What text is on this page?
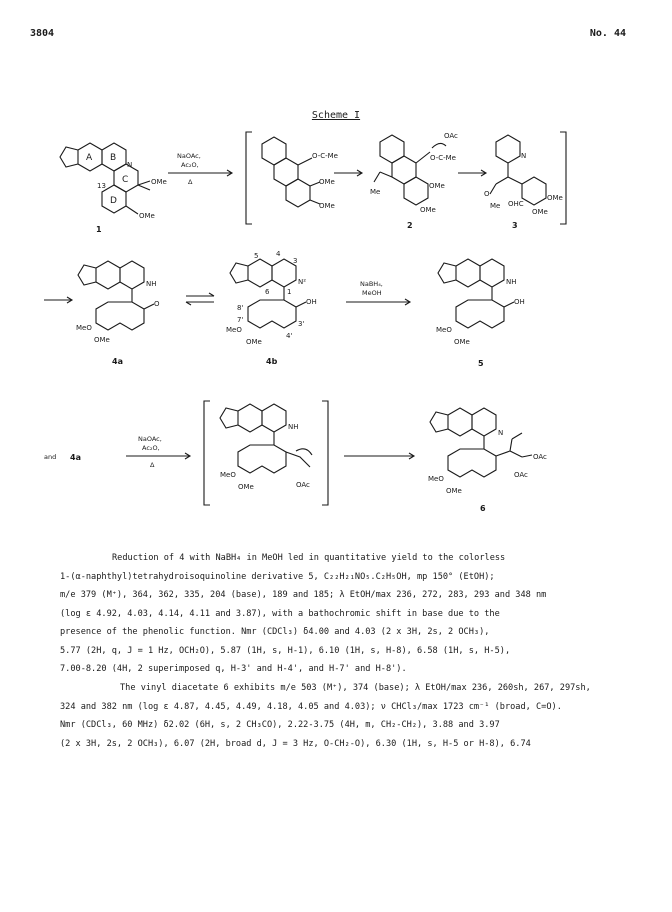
3804	No. 44
Scheme I
A B
C
D
N
13	OMe
OMe
1
NaOAc,
Ac₂O,
Δ
O-C-Me
OMe
OMe
OAc
O-C-Me
Me
OMe
OMe
2
N
O
Me OHC
OMe
OMe
3
NH
O
MeO
OMe
4a
5	4
3
6	1
N²
OH
8'
7'	3'
4'
MeO
OMe
4b
NaBH₄,
MeOH
NH
OH
MeO
OMe
5
and 4a
NaOAc,
Ac₂O,
Δ
NH
OAc
MeO
OMe
N
OAc
OAc
MeO
OMe
6

Reduction of 4 with NaBH₄ in MeOH led in quantitative yield to the colorless

1-(α-naphthyl)tetrahydroisoquinoline derivative 5, C₂₂H₂₁NO₅.C₂H₅OH, mp 150° (EtOH);

m/e 379 (M⁺), 364, 362, 335, 204 (base), 189 and 185; λ EtOH/max 236, 272, 283, 293 and 348 nm

(log ε 4.92, 4.03, 4.14, 4.11 and 3.87), with a bathochromic shift in base due to the

presence of the phenolic function. Nmr (CDCl₃) δ4.00 and 4.03 (2 x 3H, 2s, 2 OCH₃),

5.77 (2H, q, J = 1 Hz, OCH₂O), 5.87 (1H, s, H-1), 6.10 (1H, s, H-8), 6.58 (1H, s, H-5),

7.00-8.20 (4H, 2 superimposed q, H-3' and H-4', and H-7' and H-8').

The vinyl diacetate 6 exhibits m/e 503 (M⁺), 374 (base); λ EtOH/max 236, 260sh, 267, 297sh,

324 and 382 nm (log ε 4.87, 4.45, 4.49, 4.18, 4.05 and 4.03); ν CHCl₃/max 1723 cm⁻¹ (broad, C=O).

Nmr (CDCl₃, 60 MHz) δ2.02 (6H, s, 2 CH₃CO), 2.22-3.75 (4H, m, CH₂-CH₂), 3.88 and 3.97

(2 x 3H, 2s, 2 OCH₃), 6.07 (2H, broad d, J = 3 Hz, O-CH₂-O), 6.30 (1H, s, H-5 or H-8), 6.74
